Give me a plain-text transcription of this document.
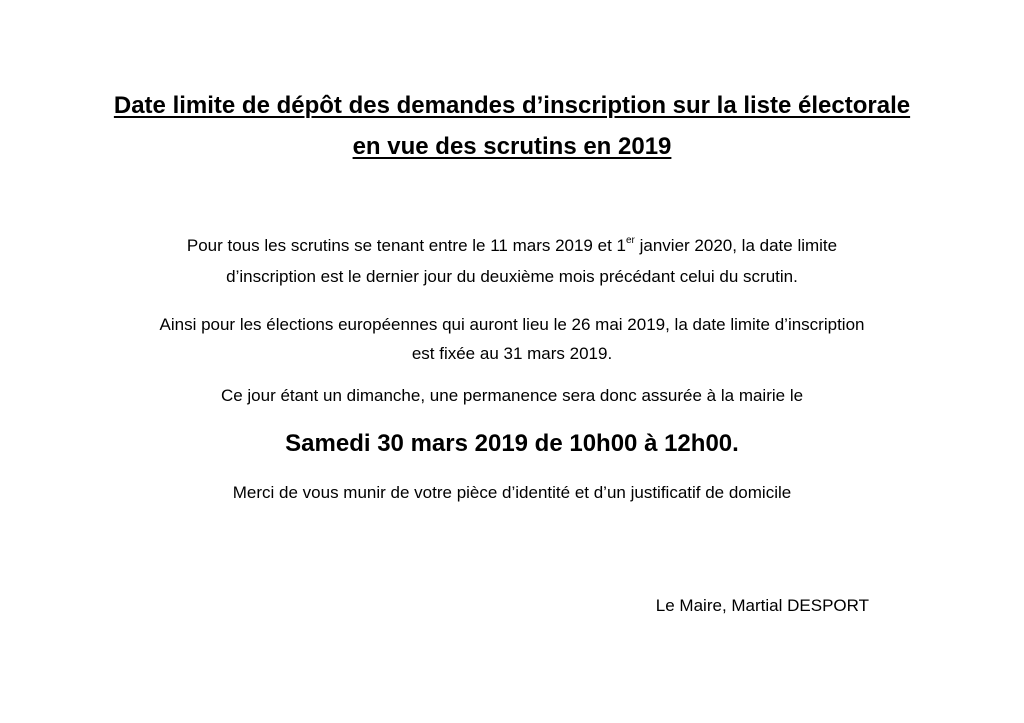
Date limite de dépôt des demandes d’inscription sur la liste électorale
en vue des scrutins en 2019
Pour tous les scrutins se tenant entre le 11 mars 2019 et 1er janvier 2020, la date limite
d’inscription est le dernier jour du deuxième mois précédant celui du scrutin.
Ainsi pour les élections européennes qui auront lieu le 26 mai 2019, la date limite d’inscription
est fixée au 31 mars 2019.
Ce jour étant un dimanche, une permanence sera donc assurée à la mairie le
Samedi 30 mars 2019 de 10h00 à 12h00.
Merci de vous munir de votre pièce d’identité et d’un justificatif de domicile
Le Maire, Martial DESPORT
